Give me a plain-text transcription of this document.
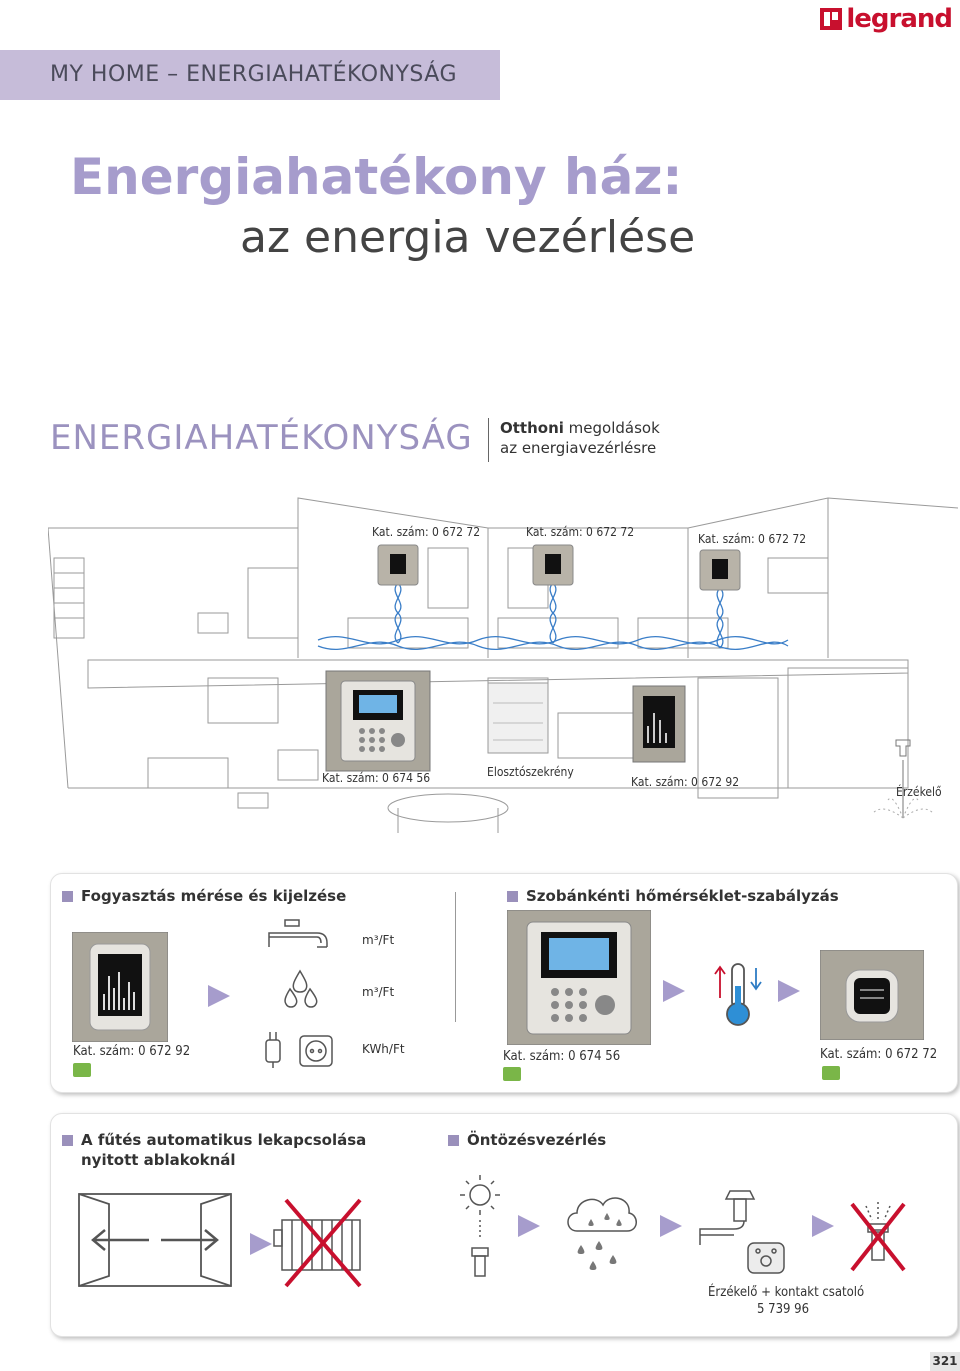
legrand
MY HOME – ENERGIAHATÉKONYSÁG
Energiahatékony ház:
az energia vezérlése
ENERGIAHATÉKONYSÁG Otthoni megoldások
az energiavezérlésre
Kat. szám: 0 672 72	Kat. szám: 0 672 72	Kat. szám: 0 672 72
Kat. szám: 0 674 56	Elosztószekrény
Kat. szám: 0 672 92
Érzékelő
Fogyasztás mérése és kijelzése	Szobánkénti hőmérséklet-szabályzás
Kat. szám: 0 672 92
m³/Ft
m³/Ft
KWh/Ft	Kat. szám: 0 674 56	Kat. szám: 0 672 72
A fűtés automatikus lekapcsolása
nyitott ablakoknál
Öntözésvezérlés
Érzékelő + kontakt csatoló
5 739 96
321
